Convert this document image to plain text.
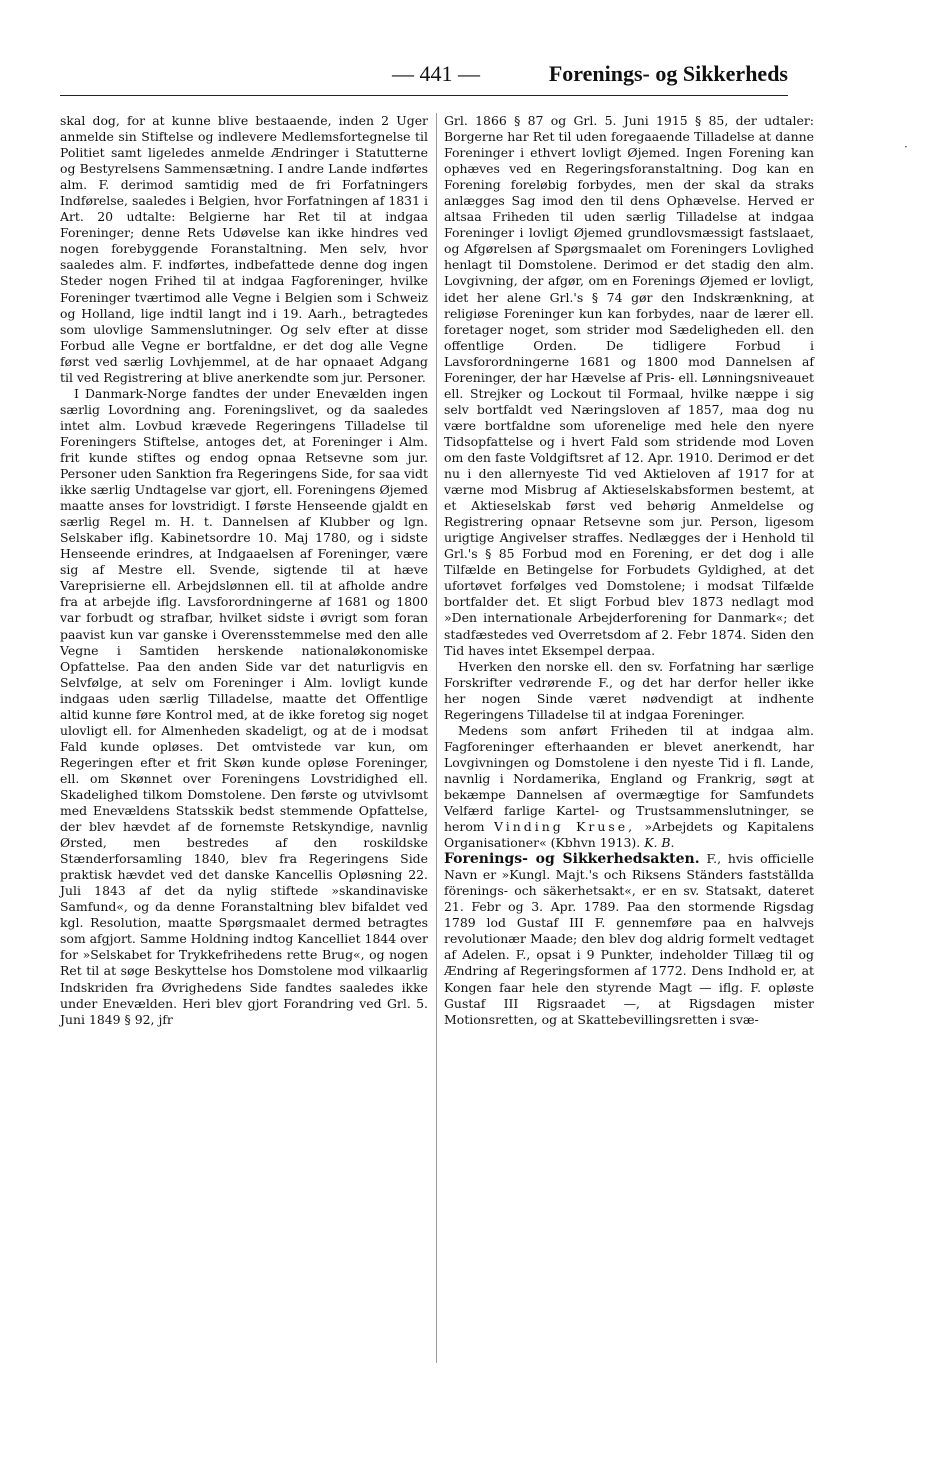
— 441 —	Forenings- og Sikkerheds

skal dog, for at kunne blive bestaaende, inden 2 Uger anmelde sin Stiftelse og indlevere Medlemsfortegnelse til Politiet samt ligeledes anmelde Ændringer i Statutterne og Bestyrelsens Sammensætning. I andre Lande indførtes alm. F. derimod samtidig med de fri Forfatningers Indførelse, saaledes i Belgien, hvor Forfatningen af 1831 i Art. 20 udtalte: Belgierne har Ret til at indgaa Foreninger; denne Rets Udøvelse kan ikke hindres ved nogen forebyggende Foranstaltning. Men selv, hvor saaledes alm. F. indførtes, indbefattede denne dog ingen Steder nogen Frihed til at indgaa Fagforeninger, hvilke Foreninger tværtimod alle Vegne i Belgien som i Schweiz og Holland, lige indtil langt ind i 19. Aarh., betragtedes som ulovlige Sammenslutninger. Og selv efter at disse Forbud alle Vegne er bortfaldne, er det dog alle Vegne først ved særlig Lovhjemmel, at de har opnaaet Adgang til ved Registrering at blive anerkendte som jur. Personer.

I Danmark-Norge fandtes der under Enevælden ingen særlig Lovordning ang. Foreningslivet, og da saaledes intet alm. Lovbud krævede Regeringens Tilladelse til Foreningers Stiftelse, antoges det, at Foreninger i Alm. frit kunde stiftes og endog opnaa Retsevne som jur. Personer uden Sanktion fra Regeringens Side, for saa vidt ikke særlig Undtagelse var gjort, ell. Foreningens Øjemed maatte anses for lovstridigt. I første Henseende gjaldt en særlig Regel m. H. t. Dannelsen af Klubber og lgn. Selskaber iflg. Kabinetsordre 10. Maj 1780, og i sidste Henseende erindres, at Indgaaelsen af Foreninger, være sig af Mestre ell. Svende, sigtende til at hæve Vareprisierne ell. Arbejdslønnen ell. til at afholde andre fra at arbejde iflg. Lavsforordningerne af 1681 og 1800 var forbudt og strafbar, hvilket sidste i øvrigt som foran paavist kun var ganske i Overensstemmelse med den alle Vegne i Samtiden herskende nationaløkonomiske Opfattelse. Paa den anden Side var det naturligvis en Selvfølge, at selv om Foreninger i Alm. lovligt kunde indgaas uden særlig Tilladelse, maatte det Offentlige altid kunne føre Kontrol med, at de ikke foretog sig noget ulovligt ell. for Almenheden skadeligt, og at de i modsat Fald kunde opløses. Det omtvistede var kun, om Regeringen efter et frit Skøn kunde opløse Foreninger, ell. om Skønnet over Foreningens Lovstridighed ell. Skadelighed tilkom Domstolene. Den første og utvivlsomt med Enevældens Statsskik bedst stemmende Opfattelse, der blev hævdet af de fornemste Retskyndige, navnlig Ørsted, men bestredes af den roskildske Stænderforsamling 1840, blev fra Regeringens Side praktisk hævdet ved det danske Kancellis Opløsning 22. Juli 1843 af det da nylig stiftede »skandinaviske Samfund«, og da denne Foranstaltning blev bifaldet ved kgl. Resolution, maatte Spørgsmaalet dermed betragtes som afgjort. Samme Holdning indtog Kancelliet 1844 over for »Selskabet for Trykkefrihedens rette Brug«, og nogen Ret til at søge Beskyttelse hos Domstolene mod vilkaarlig Indskriden fra Øvrighedens Side fandtes saaledes ikke under Enevælden. Heri blev gjort Forandring ved Grl. 5. Juni 1849 § 92, jfr

Grl. 1866 § 87 og Grl. 5. Juni 1915 § 85, der udtaler: Borgerne har Ret til uden foregaaende Tilladelse at danne Foreninger i ethvert lovligt Øjemed. Ingen Forening kan ophæves ved en Regeringsforanstaltning. Dog kan en Forening foreløbig forbydes, men der skal da straks anlægges Sag imod den til dens Ophævelse. Herved er altsaa Friheden til uden særlig Tilladelse at indgaa Foreninger i lovligt Øjemed grundlovsmæssigt fastslaaet, og Afgørelsen af Spørgsmaalet om Foreningers Lovlighed henlagt til Domstolene. Derimod er det stadig den alm. Lovgivning, der afgør, om en Forenings Øjemed er lovligt, idet her alene Grl.'s § 74 gør den Indskrænkning, at religiøse Foreninger kun kan forbydes, naar de lærer ell. foretager noget, som strider mod Sædeligheden ell. den offentlige Orden. De tidligere Forbud i Lavsforordningerne 1681 og 1800 mod Dannelsen af Foreninger, der har Hævelse af Pris- ell. Lønningsniveauet ell. Strejker og Lockout til Formaal, hvilke næppe i sig selv bortfaldt ved Næringsloven af 1857, maa dog nu være bortfaldne som uforenelige med hele den nyere Tidsopfattelse og i hvert Fald som stridende mod Loven om den faste Voldgiftsret af 12. Apr. 1910. Derimod er det nu i den allernyeste Tid ved Aktieloven af 1917 for at værne mod Misbrug af Aktieselskabsformen bestemt, at et Aktieselskab først ved behørig Anmeldelse og Registrering opnaar Retsevne som jur. Person, ligesom urigtige Angivelser straffes. Nedlægges der i Henhold til Grl.'s § 85 Forbud mod en Forening, er det dog i alle Tilfælde en Betingelse for Forbudets Gyldighed, at det ufortøvet forfølges ved Domstolene; i modsat Tilfælde bortfalder det. Et sligt Forbud blev 1873 nedlagt mod »Den internationale Arbejderforening for Danmark«; det stadfæstedes ved Overretsdom af 2. Febr 1874. Siden den Tid haves intet Eksempel derpaa.

Hverken den norske ell. den sv. Forfatning har særlige Forskrifter vedrørende F., og det har derfor heller ikke her nogen Sinde været nødvendigt at indhente Regeringens Tilladelse til at indgaa Foreninger.

Medens som anført Friheden til at indgaa alm. Fagforeninger efterhaanden er blevet anerkendt, har Lovgivningen og Domstolene i den nyeste Tid i fl. Lande, navnlig i Nordamerika, England og Frankrig, søgt at bekæmpe Dannelsen af overmægtige for Samfundets Velfærd farlige Kartel- og Trustsammenslutninger, se herom Vinding Kruse, »Arbejdets og Kapitalens Organisationer« (Kbhvn 1913). K. B.

Forenings- og Sikkerhedsakten. F., hvis officielle Navn er »Kungl. Majt.'s och Riksens Ständers fastställda förenings- och säkerhetsakt«, er en sv. Statsakt, dateret 21. Febr og 3. Apr. 1789. Paa den stormende Rigsdag 1789 lod Gustaf III F. gennemføre paa en halvvejs revolutionær Maade; den blev dog aldrig formelt vedtaget af Adelen. F., opsat i 9 Punkter, indeholder Tillæg til og Ændring af Regeringsformen af 1772. Dens Indhold er, at Kongen faar hele den styrende Magt — iflg. F. opløste Gustaf III Rigsraadet —, at Rigsdagen mister Motionsretten, og at Skattebevillingsretten i svæ-

·
